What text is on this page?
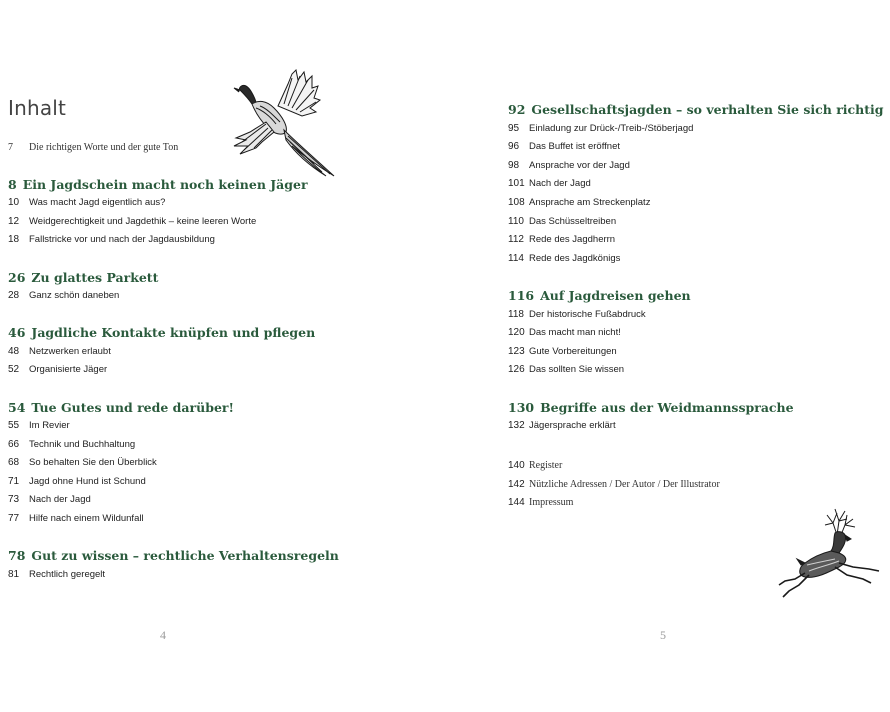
Inhalt
7	Die richtigen Worte und der gute Ton
8 Ein Jagdschein macht noch keinen Jäger
10	Was macht Jagd eigentlich aus?
12	Weidgerechtigkeit und Jagdethik – keine leeren Worte
18	Fallstricke vor und nach der Jagdausbildung
26 Zu glattes Parkett
28	Ganz schön daneben
46 Jagdliche Kontakte knüpfen und pflegen
48	Netzwerken erlaubt
52	Organisierte Jäger
54 Tue Gutes und rede darüber!
55	Im Revier
66	Technik und Buchhaltung
68	So behalten Sie den Überblick
71	Jagd ohne Hund ist Schund
73	Nach der Jagd
77	Hilfe nach einem Wildunfall
78 Gut zu wissen – rechtliche Verhaltensregeln
81	Rechtlich geregelt
4
92 Gesellschaftsjagden – so verhalten Sie sich richtig
95	Einladung zur Drück-/Treib-/Stöberjagd
96	Das Buffet ist eröffnet
98	Ansprache vor der Jagd
101 Nach der Jagd
108 Ansprache am Streckenplatz
110 Das Schüsseltreiben
112 Rede des Jagdherrn
114 Rede des Jagdkönigs
116 Auf Jagdreisen gehen
118 Der historische Fußabdruck
120 Das macht man nicht!
123 Gute Vorbereitungen
126 Das sollten Sie wissen
130 Begriffe aus der Weidmannssprache
132 Jägersprache erklärt
140 Register
142 Nützliche Adressen / Der Autor / Der Illustrator
144 Impressum
5
